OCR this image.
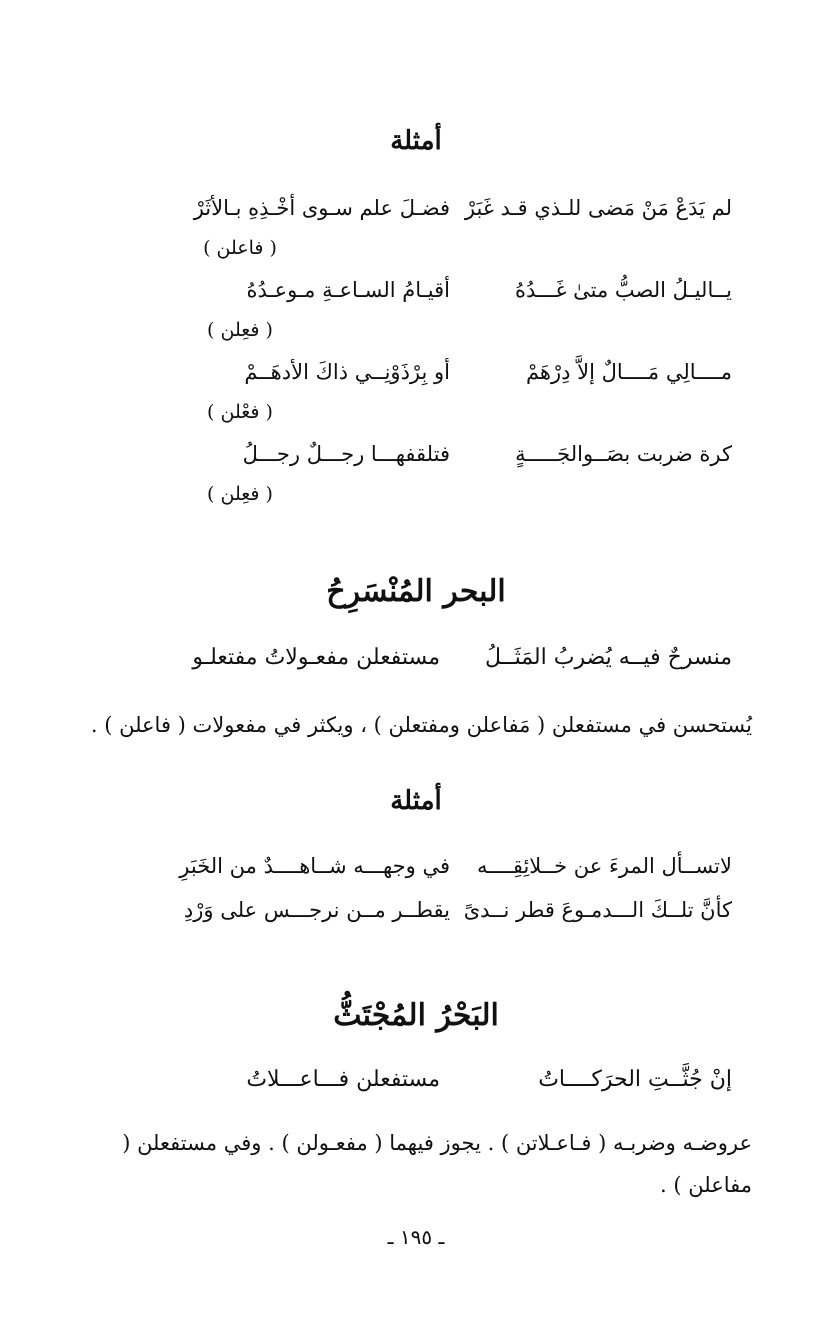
أمثلة
لم يَدَعْ مَنْ مَضى للـذي قـد غَبَرْ
فضـلَ علم سـوى أخْـذِهِ بـالأثَرْ
( فاعلن )
يــاليـلُ الصبُّ متىٰ غَـــدُهُ
أقيـامُ السـاعـةِ مـوعـدُهُ
( فعِلن )
مــــالِي مَــــالٌ إلاَّ دِرْهَمْ
أو بِرْذَوْنِــي ذاكَ الأدهَــمْ
( فعْلن )
كرة ضربت بصَــوالجَـــــةٍ
فتلقفهـــا رجـــلٌ رجـــلُ
( فعِلن )
البحر المُنْسَرِحُ
منسرحٌ فيــه يُضربُ المَثَــلُ
مستفعلن مفعـولاتُ مفتعلـو
يُستحسن في مستفعلن ( مَفاعلن ومفتعلن ) ، ويكثر في مفعولات ( فاعلن ) .
أمثلة
لاتســأل المرءَ عن خــلائِقِــــه
في وجهـــه شــاهــــدٌ من الخَبَرِ
كأنَّ تلــكَ الـــدمـوعَ قطر نــدىً
يقطــر مــن نرجـــس على وَرْدِ
البَحْرُ المُجْتَثُّ
إنْ جُثَّــتِ الحرَكــــاتُ
مستفعلن فـــاعـــلاتُ
عروضـه وضربـه ( فـاعـلاتن ) . يجوز فيهما ( مفعـولن ) . وفي مستفعلن ( مفاعلن ) .
ـ ١٩٥ ـ
